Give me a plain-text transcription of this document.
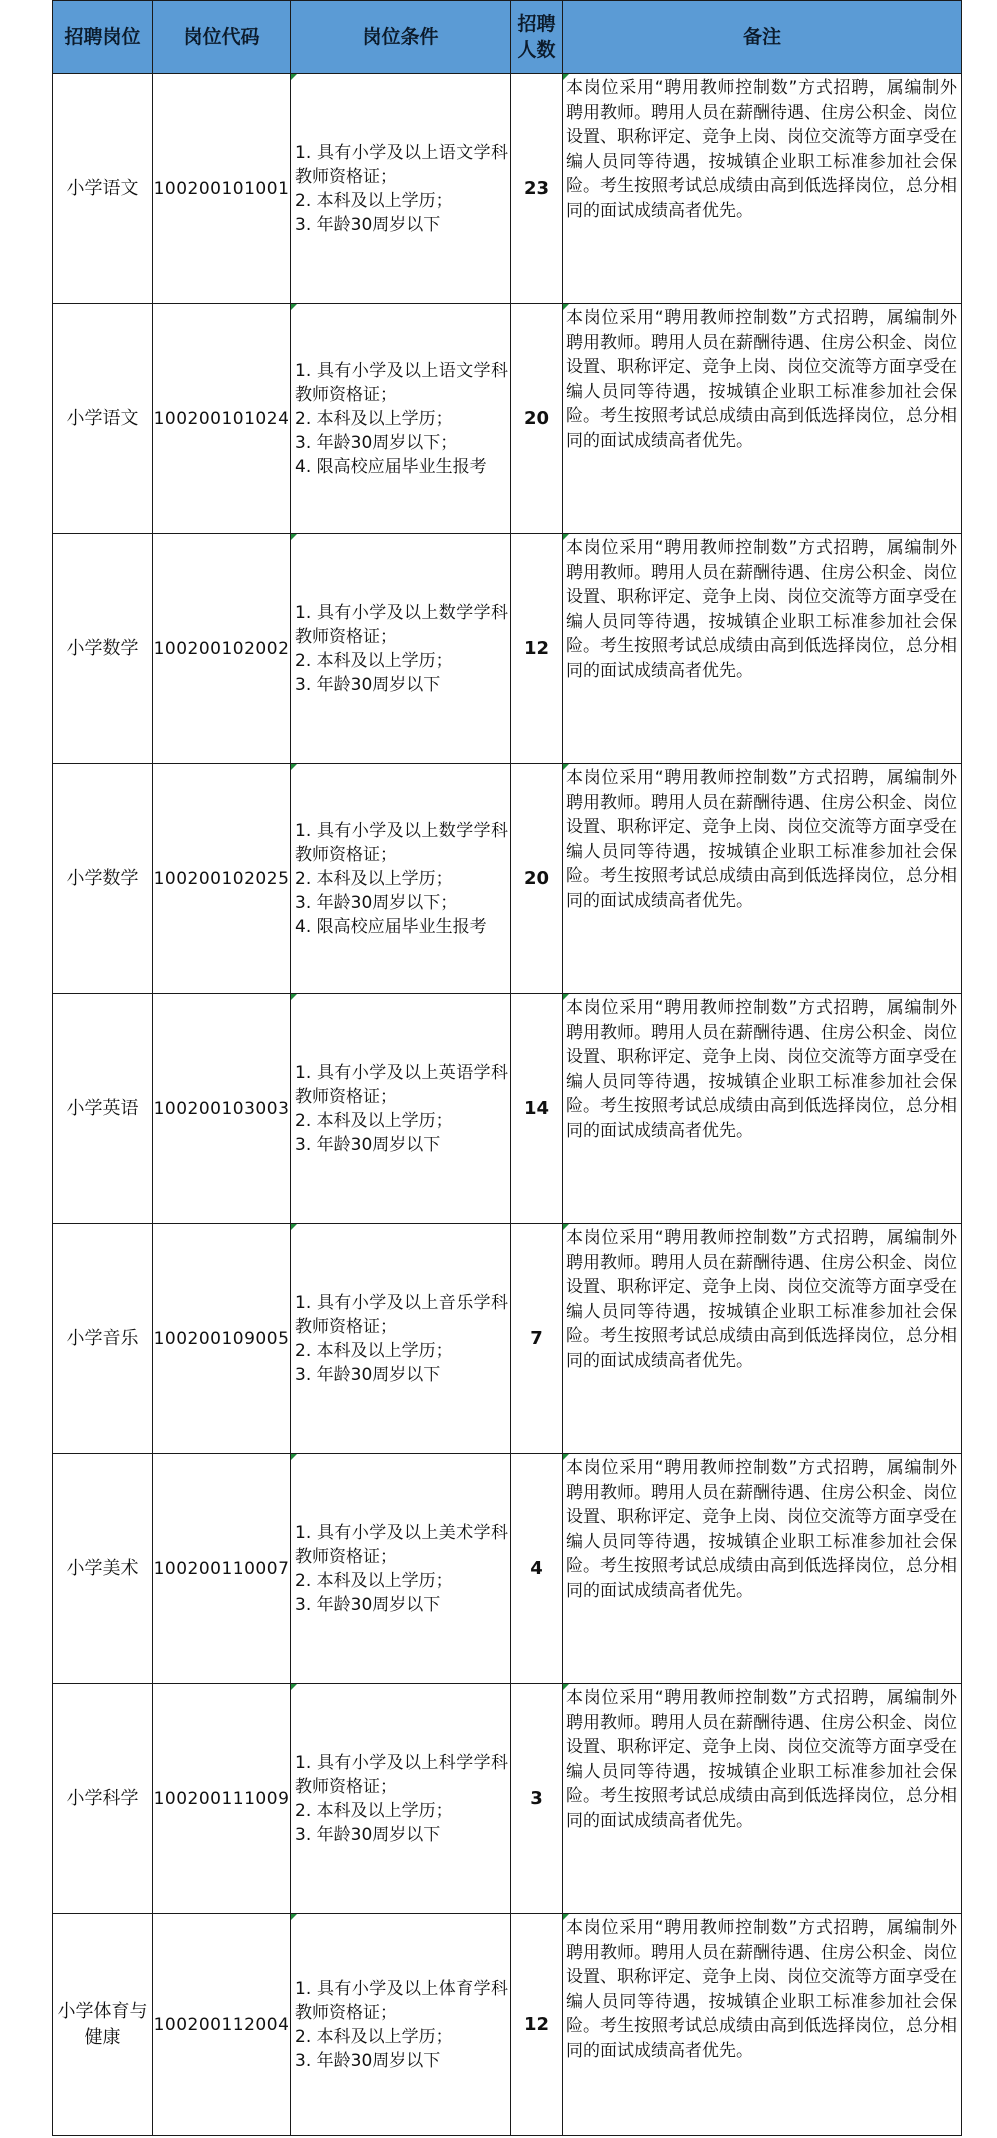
招聘岗位	岗位代码	岗位条件	招聘人数	备注
小学语文	100200101001	1. 具有小学及以上语文学科教师资格证；
2. 本科及以上学历；
3. 年龄30周岁以下	23	本岗位采用“聘用教师控制数”方式招聘，属编制外聘用教师。聘用人员在薪酬待遇、住房公积金、岗位设置、职称评定、竞争上岗、岗位交流等方面享受在编人员同等待遇，按城镇企业职工标准参加社会保险。考生按照考试总成绩由高到低选择岗位，总分相同的面试成绩高者优先。

小学语文	100200101024	1. 具有小学及以上语文学科教师资格证；
2. 本科及以上学历；
3. 年龄30周岁以下；
4. 限高校应届毕业生报考	20	本岗位采用“聘用教师控制数”方式招聘，属编制外聘用教师。聘用人员在薪酬待遇、住房公积金、岗位设置、职称评定、竞争上岗、岗位交流等方面享受在编人员同等待遇，按城镇企业职工标准参加社会保险。考生按照考试总成绩由高到低选择岗位，总分相同的面试成绩高者优先。

小学数学	100200102002	1. 具有小学及以上数学学科教师资格证；
2. 本科及以上学历；
3. 年龄30周岁以下	12	本岗位采用“聘用教师控制数”方式招聘，属编制外聘用教师。聘用人员在薪酬待遇、住房公积金、岗位设置、职称评定、竞争上岗、岗位交流等方面享受在编人员同等待遇，按城镇企业职工标准参加社会保险。考生按照考试总成绩由高到低选择岗位，总分相同的面试成绩高者优先。

小学数学	100200102025	1. 具有小学及以上数学学科教师资格证；
2. 本科及以上学历；
3. 年龄30周岁以下；
4. 限高校应届毕业生报考	20	本岗位采用“聘用教师控制数”方式招聘，属编制外聘用教师。聘用人员在薪酬待遇、住房公积金、岗位设置、职称评定、竞争上岗、岗位交流等方面享受在编人员同等待遇，按城镇企业职工标准参加社会保险。考生按照考试总成绩由高到低选择岗位，总分相同的面试成绩高者优先。

小学英语	100200103003	1. 具有小学及以上英语学科教师资格证；
2. 本科及以上学历；
3. 年龄30周岁以下	14	本岗位采用“聘用教师控制数”方式招聘，属编制外聘用教师。聘用人员在薪酬待遇、住房公积金、岗位设置、职称评定、竞争上岗、岗位交流等方面享受在编人员同等待遇，按城镇企业职工标准参加社会保险。考生按照考试总成绩由高到低选择岗位，总分相同的面试成绩高者优先。

小学音乐	100200109005	1. 具有小学及以上音乐学科教师资格证；
2. 本科及以上学历；
3. 年龄30周岁以下	7	本岗位采用“聘用教师控制数”方式招聘，属编制外聘用教师。聘用人员在薪酬待遇、住房公积金、岗位设置、职称评定、竞争上岗、岗位交流等方面享受在编人员同等待遇，按城镇企业职工标准参加社会保险。考生按照考试总成绩由高到低选择岗位，总分相同的面试成绩高者优先。

小学美术	100200110007	1. 具有小学及以上美术学科教师资格证；
2. 本科及以上学历；
3. 年龄30周岁以下	4	本岗位采用“聘用教师控制数”方式招聘，属编制外聘用教师。聘用人员在薪酬待遇、住房公积金、岗位设置、职称评定、竞争上岗、岗位交流等方面享受在编人员同等待遇，按城镇企业职工标准参加社会保险。考生按照考试总成绩由高到低选择岗位，总分相同的面试成绩高者优先。

小学科学	100200111009	1. 具有小学及以上科学学科教师资格证；
2. 本科及以上学历；
3. 年龄30周岁以下	3	本岗位采用“聘用教师控制数”方式招聘，属编制外聘用教师。聘用人员在薪酬待遇、住房公积金、岗位设置、职称评定、竞争上岗、岗位交流等方面享受在编人员同等待遇，按城镇企业职工标准参加社会保险。考生按照考试总成绩由高到低选择岗位，总分相同的面试成绩高者优先。

小学体育与健康	100200112004	1. 具有小学及以上体育学科教师资格证；
2. 本科及以上学历；
3. 年龄30周岁以下	12	本岗位采用“聘用教师控制数”方式招聘，属编制外聘用教师。聘用人员在薪酬待遇、住房公积金、岗位设置、职称评定、竞争上岗、岗位交流等方面享受在编人员同等待遇，按城镇企业职工标准参加社会保险。考生按照考试总成绩由高到低选择岗位，总分相同的面试成绩高者优先。
